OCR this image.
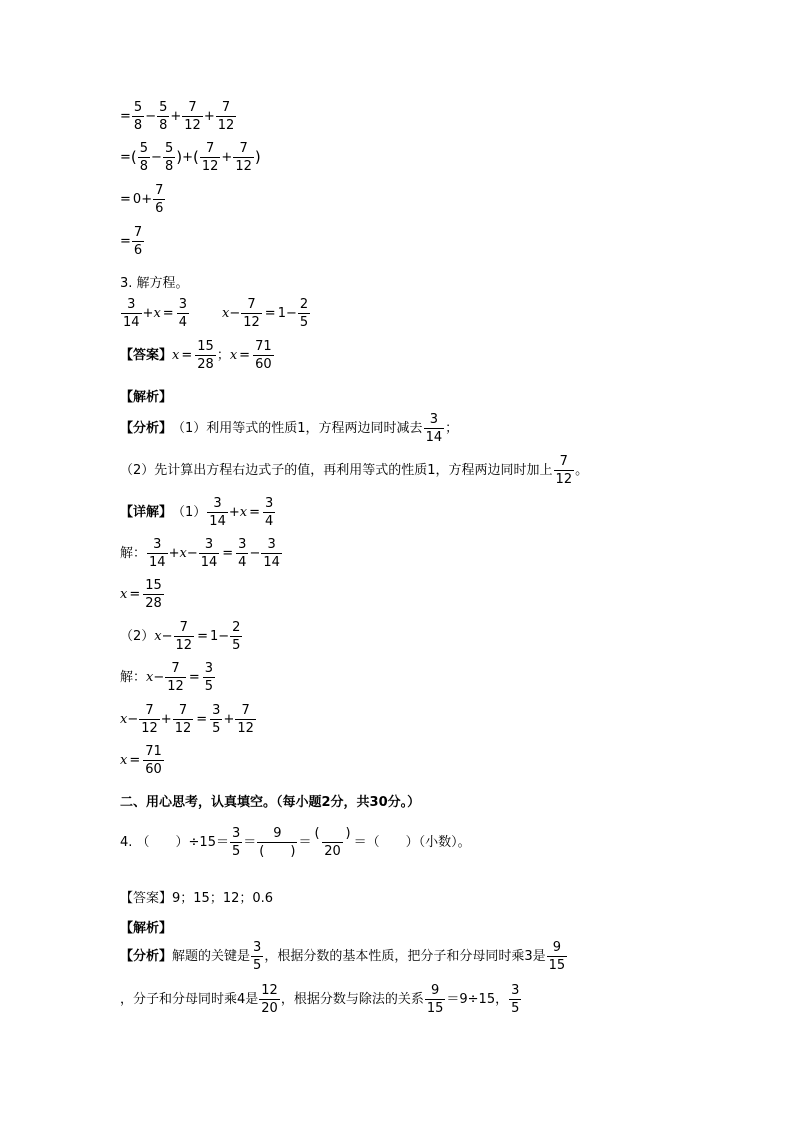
= $\frac{5}{8} - \frac{5}{8} + \frac{7}{12} + \frac{7}{12}$
= ( 5
8
− $\frac{5}{8}$ ) + ( 7
12
+ $\frac{7}{12}$ )
= $0 + \frac{7}{6}$
= $\frac{7}{6}$
3. 解方程。
3
14
+ $x = \frac{3}{4}$	$x - \frac{7}{12} = 1 - \frac{2}{5}$
【答案】 $x = \frac{15}{28}$ ； $x = \frac{71}{60}$
【解析】
【分析】 （1）利用等式的性质1，方程两边同时减去
3
14
；
（2）先计算出方程右边式子的值，再利用等式的性质1，方程两边同时加上
7
12
。
【详解】 （1）
3
14
+ $x = \frac{3}{4}$
解：
3
14
+ $x - \frac{3}{14} = \frac{3}{4} - \frac{3}{14}$
$x = \frac{15}{28}$
（2） $x - \frac{7}{12} = 1 - \frac{2}{5}$
解： $x - \frac{7}{12} = \frac{3}{5}$
$x - \frac{7}{12} + \frac{7}{12} = \frac{3}{5} + \frac{7}{12}$
$x = \frac{71}{60}$
二、用心思考，认真填空。（每小题2分，共30分。）
4. （　　）÷15＝
3
5
＝
9
(　　)
＝
(　　)
20
＝（　　）（小数）。
【答案】9；15；12；0.6
【解析】
【分析】 解题的关键是
3
5
，根据分数的基本性质，把分子和分母同时乘3是
9
15
，分子和分母同时乘4是
12
20
，根据分数与除法的关系
9
15
＝9÷15，
3
5
